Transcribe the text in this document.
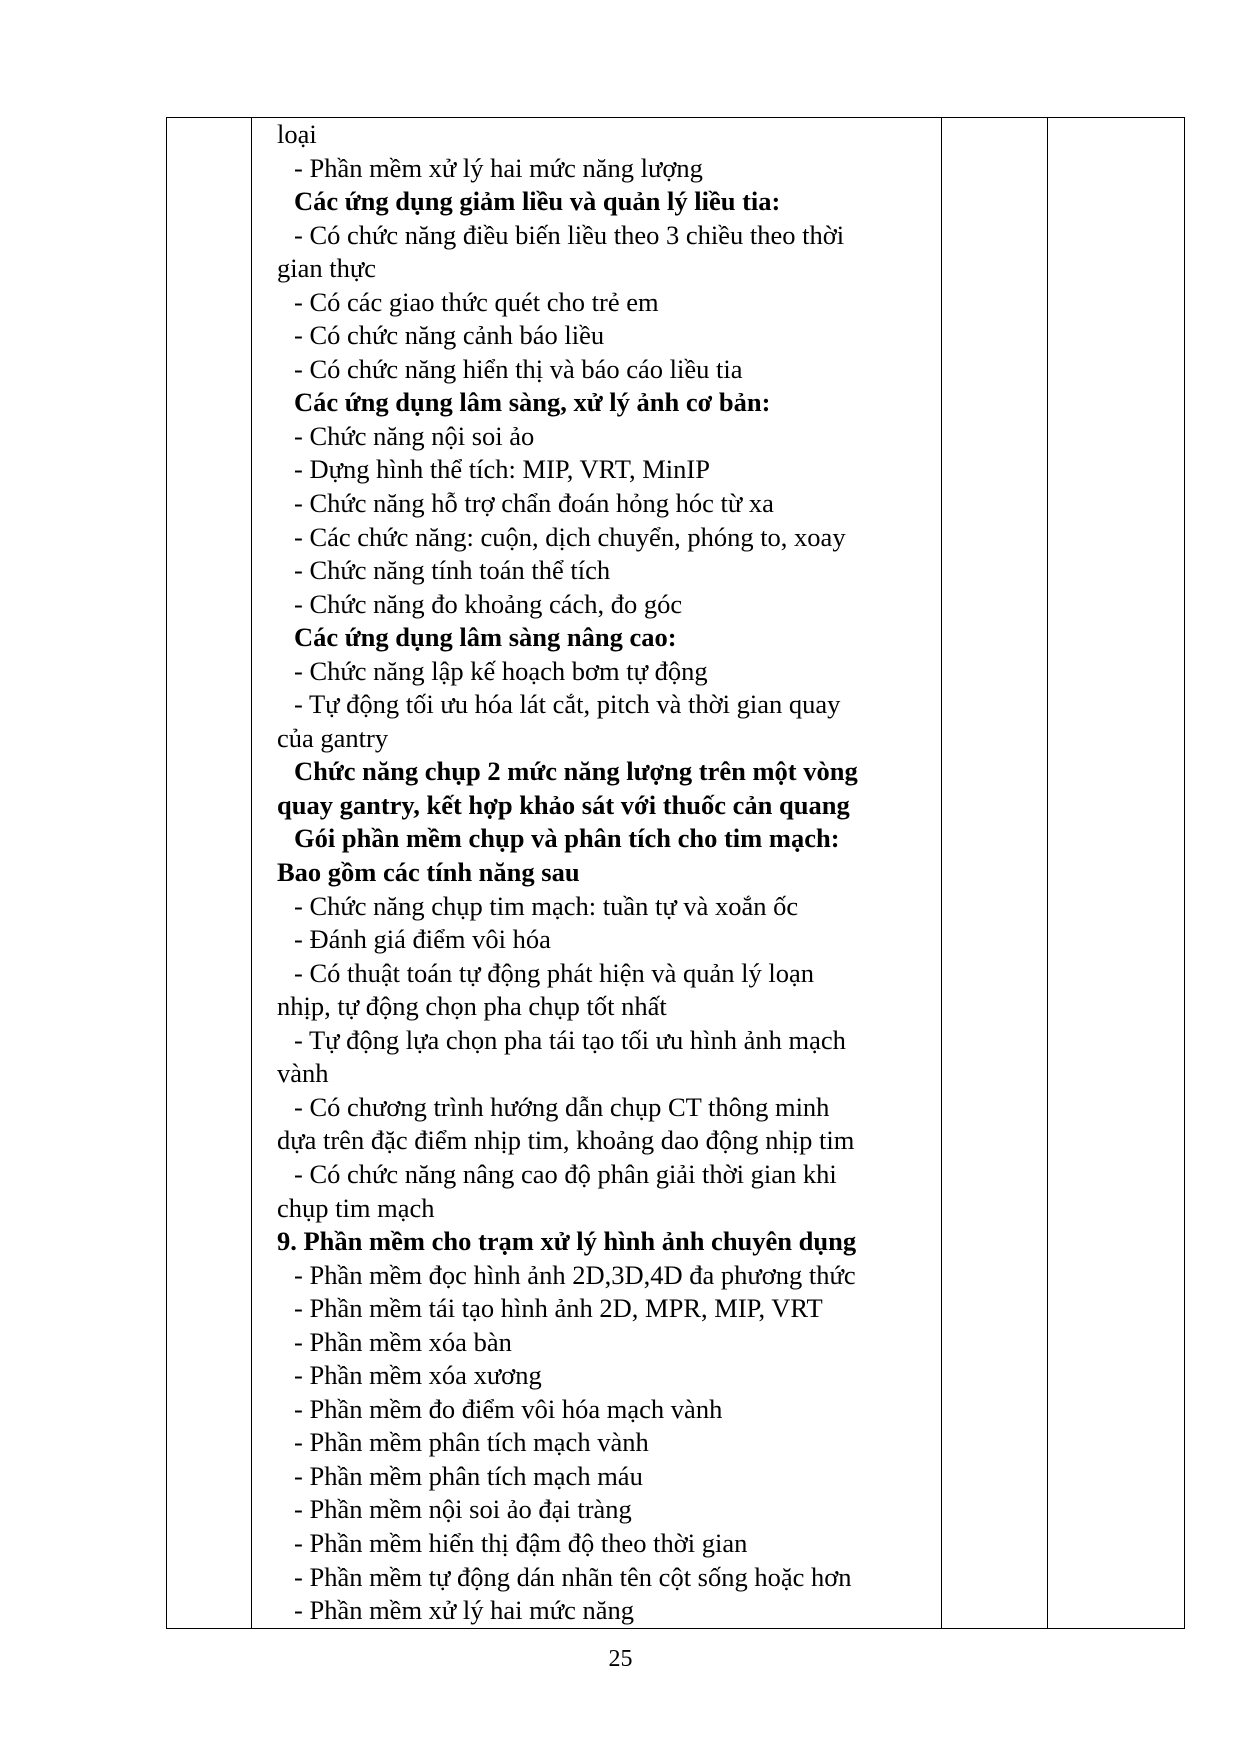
loại
- Phần mềm xử lý hai mức năng lượng
Các ứng dụng giảm liều và quản lý liều tia:
- Có chức năng điều biến liều theo 3 chiều theo thời
gian thực
- Có các giao thức quét cho trẻ em
- Có chức năng cảnh báo liều
- Có chức năng hiển thị và báo cáo liều tia
Các ứng dụng lâm sàng, xử lý ảnh cơ bản:
- Chức năng nội soi ảo
- Dựng hình thể tích: MIP, VRT, MinIP
- Chức năng hỗ trợ chẩn đoán hỏng hóc từ xa
- Các chức năng: cuộn, dịch chuyển, phóng to, xoay
- Chức năng tính toán thể tích
- Chức năng đo khoảng cách, đo góc
Các ứng dụng lâm sàng nâng cao:
- Chức năng lập kế hoạch bơm tự động
- Tự động tối ưu hóa lát cắt, pitch và thời gian quay
của gantry
Chức năng chụp 2 mức năng lượng trên một vòng
quay gantry, kết hợp khảo sát với thuốc cản quang
Gói phần mềm chụp và phân tích cho tim mạch:
Bao gồm các tính năng sau
- Chức năng chụp tim mạch: tuần tự và xoắn ốc
- Đánh giá điểm vôi hóa
- Có thuật toán tự động phát hiện và quản lý loạn
nhịp, tự động chọn pha chụp tốt nhất
- Tự động lựa chọn pha tái tạo tối ưu hình ảnh mạch
vành
- Có chương trình hướng dẫn chụp CT thông minh
dựa trên đặc điểm nhịp tim, khoảng dao động nhịp tim
- Có chức năng nâng cao độ phân giải thời gian khi
chụp tim mạch
9. Phần mềm cho trạm xử lý hình ảnh chuyên dụng
- Phần mềm đọc hình ảnh 2D,3D,4D đa phương thức
- Phần mềm tái tạo hình ảnh 2D, MPR, MIP, VRT
- Phần mềm xóa bàn
- Phần mềm xóa xương
- Phần mềm đo điểm vôi hóa mạch vành
- Phần mềm phân tích mạch vành
- Phần mềm phân tích mạch máu
- Phần mềm nội soi ảo đại tràng
- Phần mềm hiển thị đậm độ theo thời gian
- Phần mềm tự động dán nhãn tên cột sống hoặc hơn
- Phần mềm xử lý hai mức năng
25
